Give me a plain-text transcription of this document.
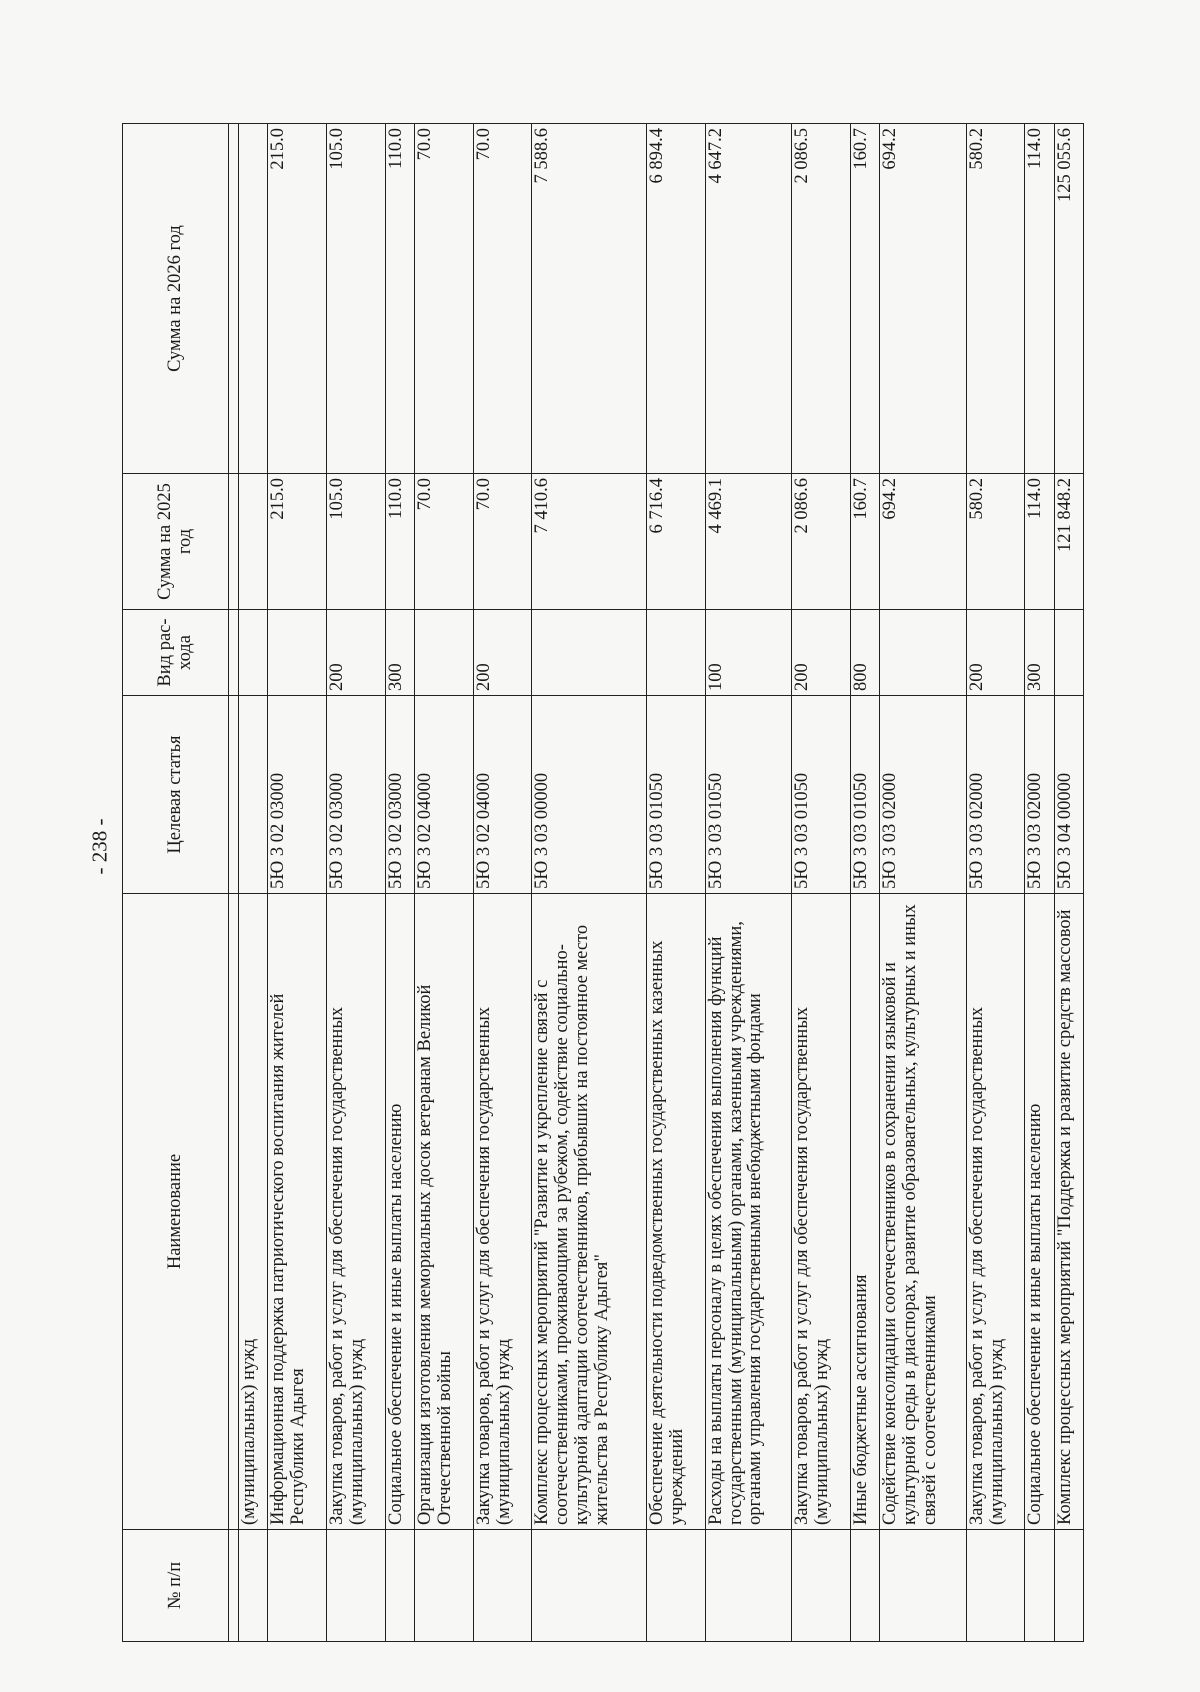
- 238 -
№ п/п	Наименование	Целевая статья	Вид рас-хода	Сумма на 2025 год	Сумма на 2026 год

	(муниципальных) нужд				
	Информационная поддержка патриотического воспитания жителей Республики Адыгея	5Ю 3 02 03000		215.0	215.0
	Закупка товаров, работ и услуг для обеспечения государственных (муниципальных) нужд	5Ю 3 02 03000	200	105.0	105.0
	Социальное обеспечение и иные выплаты населению	5Ю 3 02 03000	300	110.0	110.0
	Организация изготовления мемориальных досок ветеранам Великой Отечественной войны	5Ю 3 02 04000		70.0	70.0
	Закупка товаров, работ и услуг для обеспечения государственных (муниципальных) нужд	5Ю 3 02 04000	200	70.0	70.0
	Комплекс процессных мероприятий "Развитие и укрепление связей с соотечественниками, проживающими за рубежом, содействие социально-культурной адаптации соотечественников, прибывших на постоянное место жительства в Республику Адыгея"	5Ю 3 03 00000		7 410.6	7 588.6
	Обеспечение деятельности подведомственных государственных казенных учреждений	5Ю 3 03 01050		6 716.4	6 894.4
	Расходы на выплаты персоналу в целях обеспечения выполнения функций государственными (муниципальными) органами, казенными учреждениями, органами управления государственными внебюджетными фондами	5Ю 3 03 01050	100	4 469.1	4 647.2
	Закупка товаров, работ и услуг для обеспечения государственных (муниципальных) нужд	5Ю 3 03 01050	200	2 086.6	2 086.5
	Иные бюджетные ассигнования	5Ю 3 03 01050	800	160.7	160.7
	Содействие консолидации соотечественников в сохранении языковой и культурной среды в диаспорах, развитие образовательных, культурных и иных связей с соотечественниками	5Ю 3 03 02000		694.2	694.2
	Закупка товаров, работ и услуг для обеспечения государственных (муниципальных) нужд	5Ю 3 03 02000	200	580.2	580.2
	Социальное обеспечение и иные выплаты населению	5Ю 3 03 02000	300	114.0	114.0
	Комплекс процессных мероприятий "Поддержка и развитие средств массовой	5Ю 3 04 00000		121 848.2	125 055.6
